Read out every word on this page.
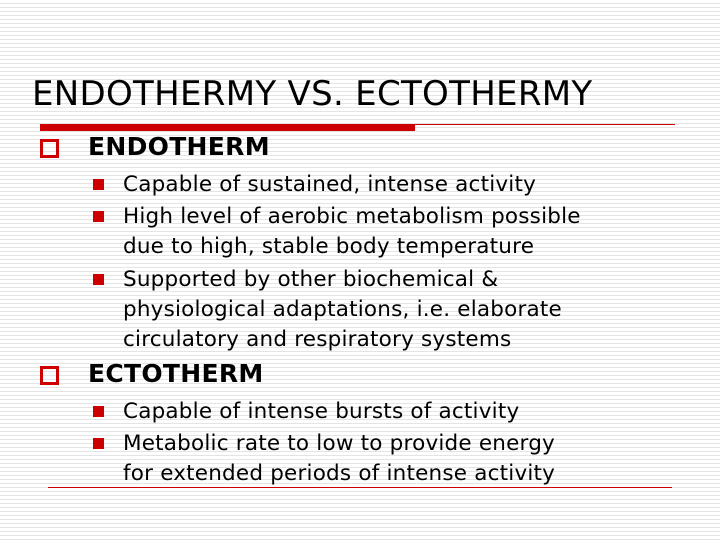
ENDOTHERMY VS. ECTOTHERMY
ENDOTHERM
Capable of sustained, intense activity
High level of aerobic metabolism possible
due to high, stable body temperature
Supported by other biochemical &
physiological adaptations, i.e. elaborate
circulatory and respiratory systems
ECTOTHERM
Capable of intense bursts of activity
Metabolic rate to low to provide energy
for extended periods of intense activity
